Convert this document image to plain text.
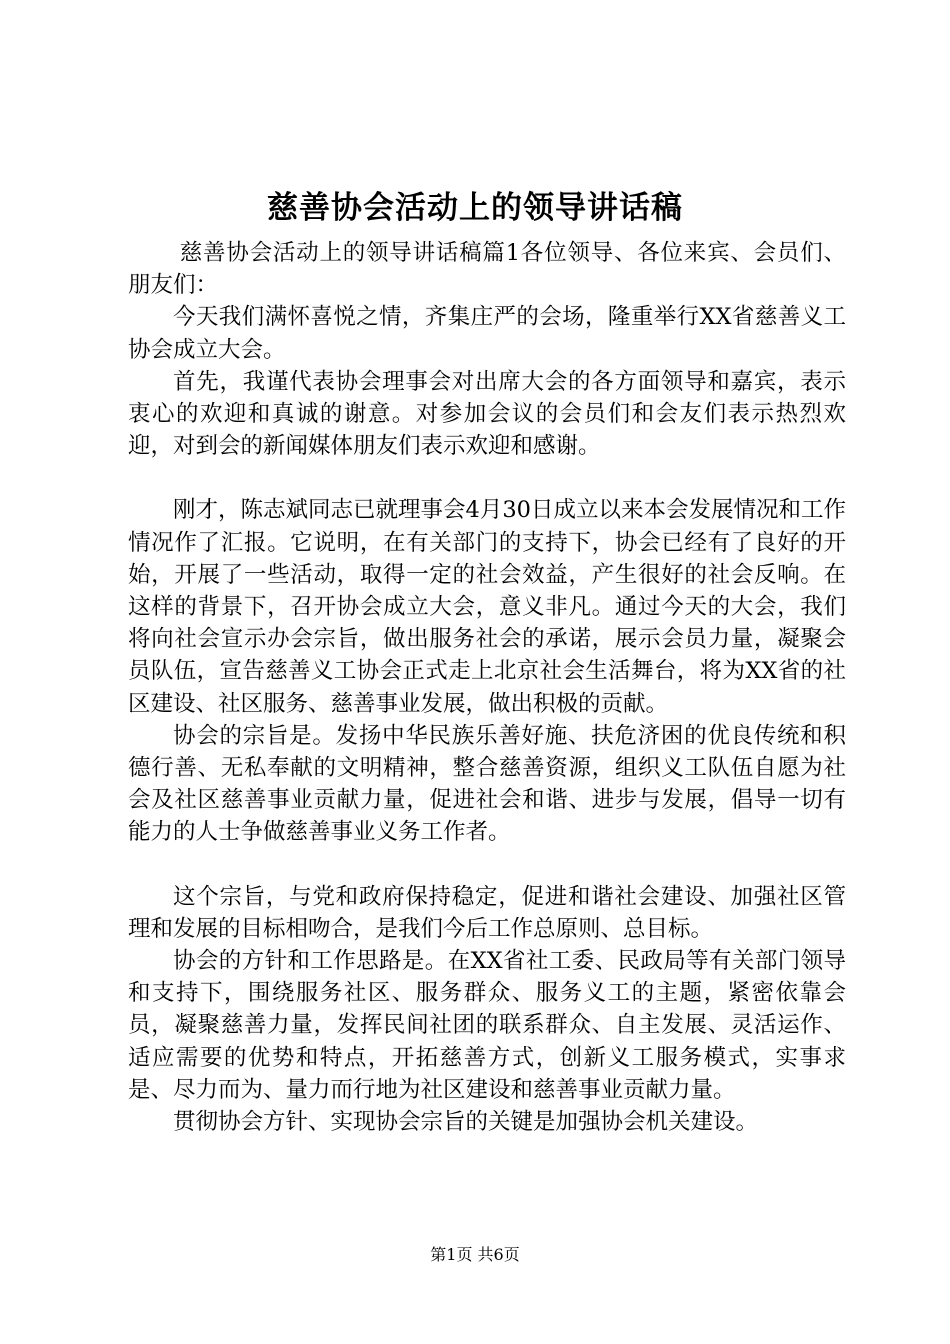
慈善协会活动上的领导讲话稿

慈善协会活动上的领导讲话稿篇1各位领导、各位来宾、会员们、朋友们：

今天我们满怀喜悦之情，齐集庄严的会场，隆重举行XX省慈善义工协会成立大会。

首先，我谨代表协会理事会对出席大会的各方面领导和嘉宾，表示衷心的欢迎和真诚的谢意。对参加会议的会员们和会友们表示热烈欢迎，对到会的新闻媒体朋友们表示欢迎和感谢。

刚才，陈志斌同志已就理事会4月30日成立以来本会发展情况和工作情况作了汇报。它说明，在有关部门的支持下，协会已经有了良好的开始，开展了一些活动，取得一定的社会效益，产生很好的社会反响。在这样的背景下，召开协会成立大会，意义非凡。通过今天的大会，我们将向社会宣示办会宗旨，做出服务社会的承诺，展示会员力量，凝聚会员队伍，宣告慈善义工协会正式走上北京社会生活舞台，将为XX省的社区建设、社区服务、慈善事业发展，做出积极的贡献。

协会的宗旨是。发扬中华民族乐善好施、扶危济困的优良传统和积德行善、无私奉献的文明精神，整合慈善资源，组织义工队伍自愿为社会及社区慈善事业贡献力量，促进社会和谐、进步与发展，倡导一切有能力的人士争做慈善事业义务工作者。

这个宗旨，与党和政府保持稳定，促进和谐社会建设、加强社区管理和发展的目标相吻合，是我们今后工作总原则、总目标。

协会的方针和工作思路是。在XX省社工委、民政局等有关部门领导和支持下，围绕服务社区、服务群众、服务义工的主题，紧密依靠会员，凝聚慈善力量，发挥民间社团的联系群众、自主发展、灵活运作、适应需要的优势和特点，开拓慈善方式，创新义工服务模式，实事求是、尽力而为、量力而行地为社区建设和慈善事业贡献力量。

贯彻协会方针、实现协会宗旨的关键是加强协会机关建设。

第1页 共6页
